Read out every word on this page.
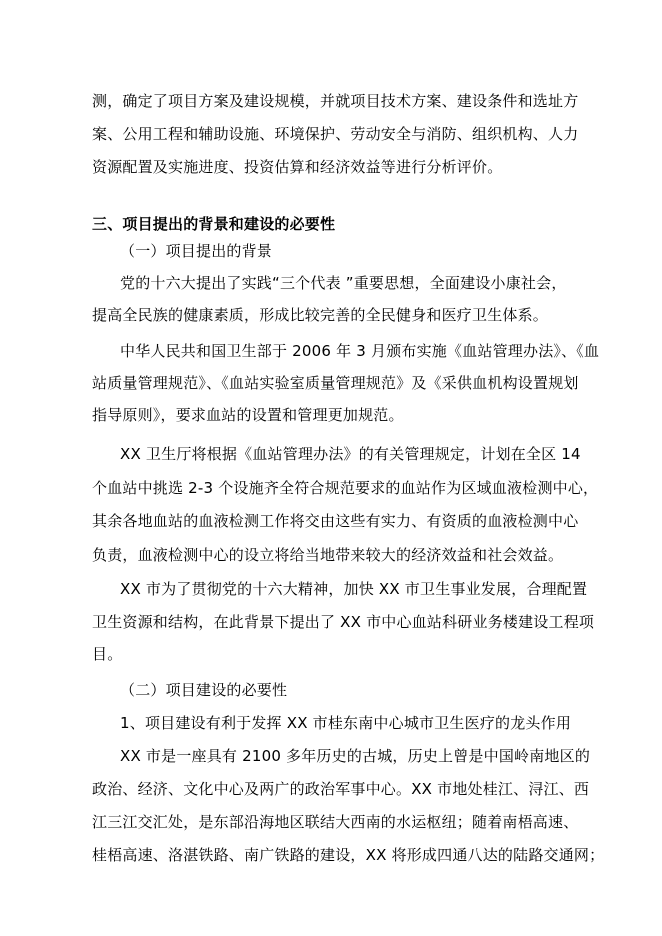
测，确定了项目方案及建设规模，并就项目技术方案、建设条件和选址方
案、公用工程和辅助设施、环境保护、劳动安全与消防、组织机构、人力
资源配置及实施进度、投资估算和经济效益等进行分析评价。
三、项目提出的背景和建设的必要性
（一）项目提出的背景
党的十六大提出了实践“三个代表 ”重要思想，全面建设小康社会，
提高全民族的健康素质，形成比较完善的全民健身和医疗卫生体系。
中华人民共和国卫生部于 2006 年 3 月颁布实施《血站管理办法》、《血
站质量管理规范》、《血站实验室质量管理规范》及《采供血机构设置规划
指导原则》，要求血站的设置和管理更加规范。
XX 卫生厅将根据《血站管理办法》的有关管理规定，计划在全区 14
个血站中挑选 2-3 个设施齐全符合规范要求的血站作为区域血液检测中心，
其余各地血站的血液检测工作将交由这些有实力、有资质的血液检测中心
负责，血液检测中心的设立将给当地带来较大的经济效益和社会效益。
XX 市为了贯彻党的十六大精神，加快 XX 市卫生事业发展，合理配置
卫生资源和结构，在此背景下提出了 XX 市中心血站科研业务楼建设工程项
目。
（二）项目建设的必要性
1、项目建设有利于发挥 XX 市桂东南中心城市卫生医疗的龙头作用
XX 市是一座具有 2100 多年历史的古城，历史上曾是中国岭南地区的
政治、经济、文化中心及两广的政治军事中心。XX 市地处桂江、浔江、西
江三江交汇处，是东部沿海地区联结大西南的水运枢纽；随着南梧高速、
桂梧高速、洛湛铁路、南广铁路的建设，XX 将形成四通八达的陆路交通网；
